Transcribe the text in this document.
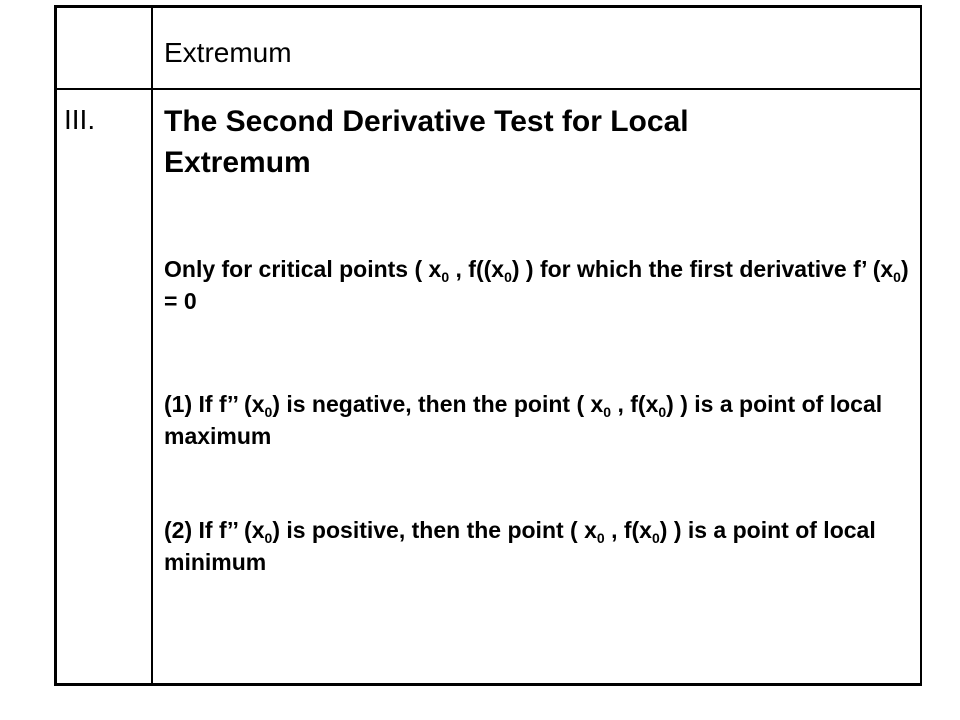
Extremum
III. The Second Derivative Test for Local
Extremum
Only for critical points ( $x_0$ , $f((x_0)$ ) for which the first derivative f’ $(x_0) = 0$
(1) If f’’ $(x_0)$ is negative, then the point ( $x_0$ , $f(x_0)$ ) is a point of local maximum
(2) If f’’ $(x_0)$ is positive, then the point ( $x_0$ , $f(x_0)$ ) is a point of local minimum
